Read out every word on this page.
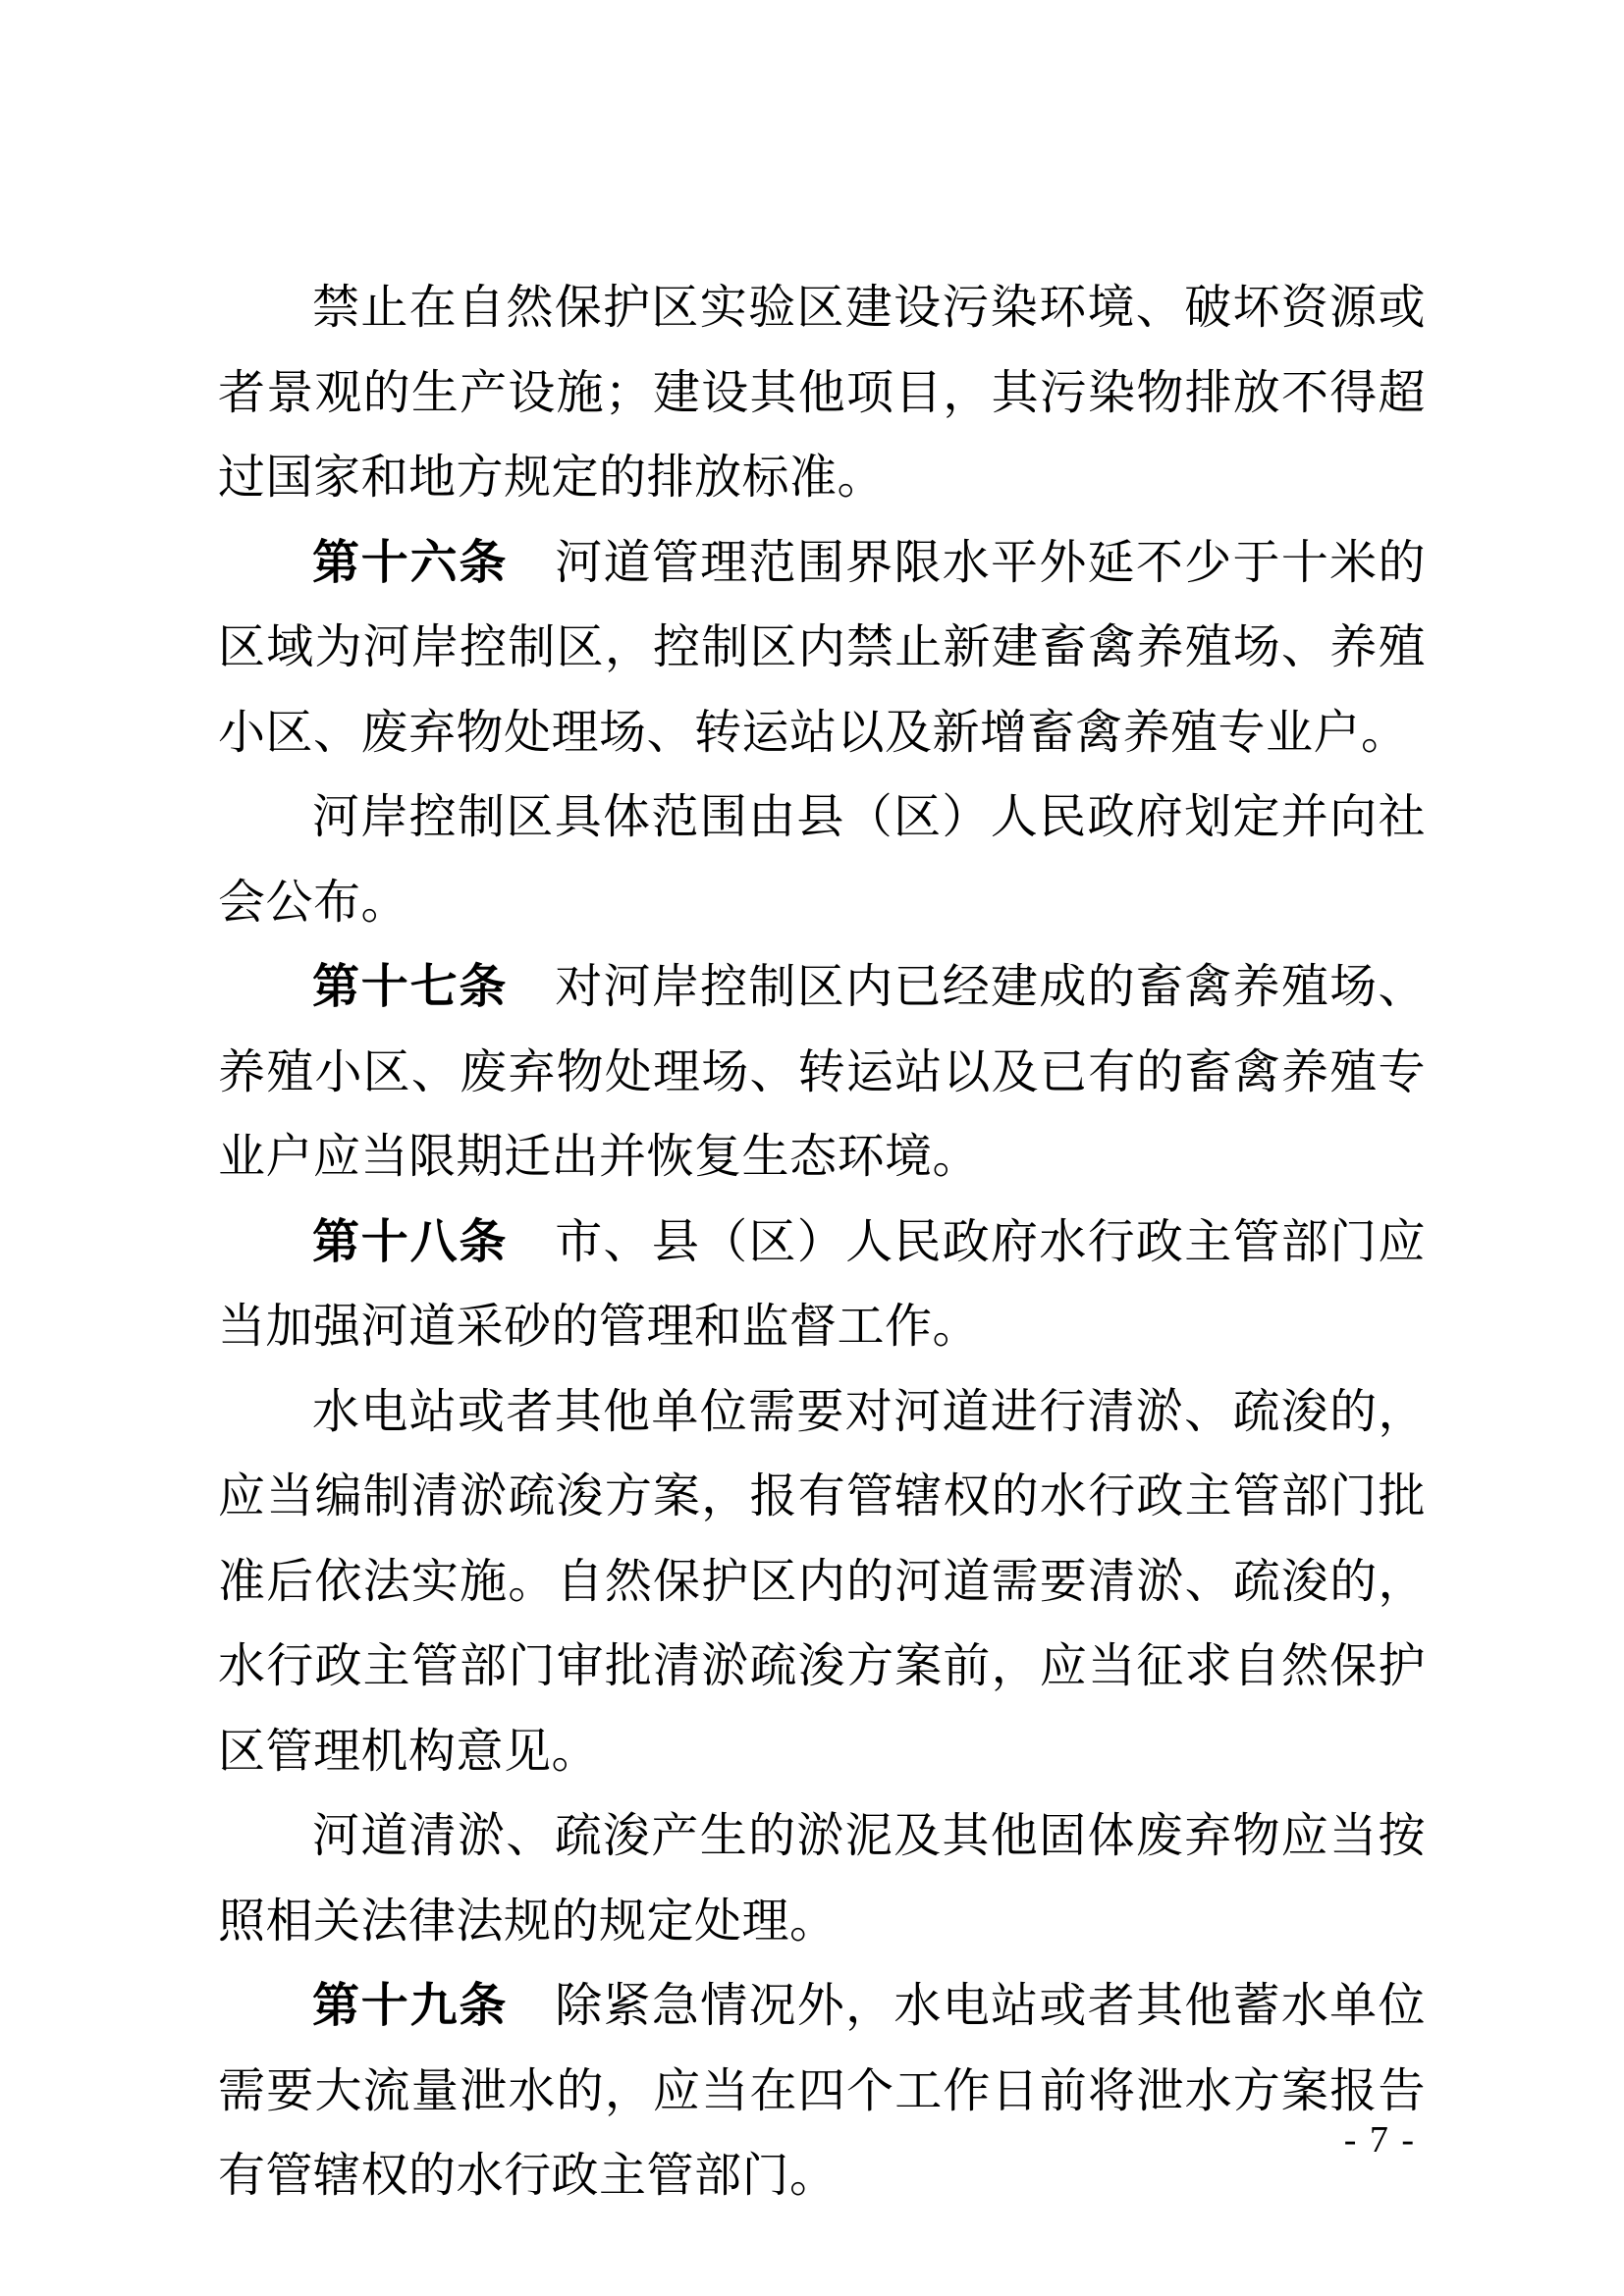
禁止在自然保护区实验区建设污染环境、破坏资源或者景观的生产设施；建设其他项目，其污染物排放不得超过国家和地方规定的排放标准。

第十六条 河道管理范围界限水平外延不少于十米的区域为河岸控制区，控制区内禁止新建畜禽养殖场、养殖小区、废弃物处理场、转运站以及新增畜禽养殖专业户。

河岸控制区具体范围由县（区）人民政府划定并向社会公布。

第十七条 对河岸控制区内已经建成的畜禽养殖场、养殖小区、废弃物处理场、转运站以及已有的畜禽养殖专业户应当限期迁出并恢复生态环境。

第十八条 市、县（区）人民政府水行政主管部门应当加强河道采砂的管理和监督工作。

水电站或者其他单位需要对河道进行清淤、疏浚的，应当编制清淤疏浚方案，报有管辖权的水行政主管部门批准后依法实施。自然保护区内的河道需要清淤、疏浚的，水行政主管部门审批清淤疏浚方案前，应当征求自然保护区管理机构意见。

河道清淤、疏浚产生的淤泥及其他固体废弃物应当按照相关法律法规的规定处理。

第十九条 除紧急情况外，水电站或者其他蓄水单位需要大流量泄水的，应当在四个工作日前将泄水方案报告有管辖权的水行政主管部门。

- 7 -
